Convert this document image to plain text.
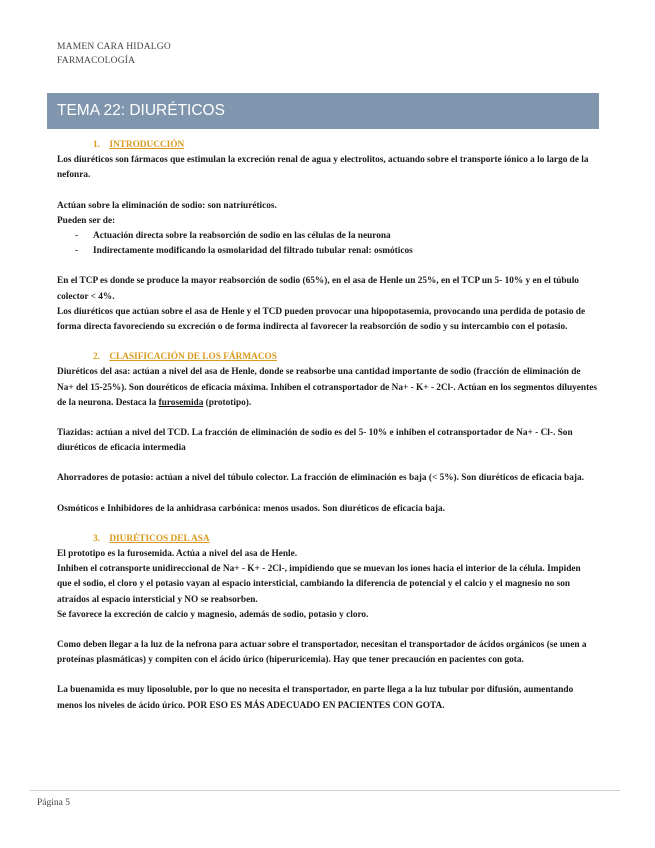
MAMEN CARA HIDALGO
FARMACOLOGÍA
TEMA 22: DIURÉTICOS

1. INTRODUCCIÓN

Los diuréticos son fármacos que estimulan la excreción renal de agua y electrolitos, actuando sobre el transporte iónico a lo largo de la nefonra.

Actúan sobre la eliminación de sodio: son natriuréticos.

Pueden ser de:

- Actuación directa sobre la reabsorción de sodio en las células de la neurona
- Indirectamente modificando la osmolaridad del filtrado tubular renal: osmóticos

En el TCP es donde se produce la mayor reabsorción de sodio (65%), en el asa de Henle un 25%, en el TCP un 5- 10% y en el túbulo colector < 4%.

Los diuréticos que actúan sobre el asa de Henle y el TCD pueden provocar una hipopotasemia, provocando una perdida de potasio de forma directa favoreciendo su excreción o de forma indirecta al favorecer la reabsorción de sodio y su intercambio con el potasio.

2. CLASIFICACIÓN DE LOS FÁRMACOS

Diuréticos del asa: actúan a nivel del asa de Henle, donde se reabsorbe una cantidad importante de sodio (fracción de eliminación de Na+ del 15-25%). Son douréticos de eficacia máxima. Inhiben el cotransportador de Na+ - K+ - 2Cl-. Actúan en los segmentos diluyentes de la neurona. Destaca la furosemida (prototipo).

Tiazidas: actúan a nivel del TCD. La fracción de eliminación de sodio es del 5- 10% e inhiben el cotransportador de Na+ - Cl-. Son diuréticos de eficacia intermedia

Ahorradores de potasio: actúan a nivel del túbulo colector. La fracción de eliminación es baja (< 5%). Son diuréticos de eficacia baja.

Osmóticos e Inhibidores de la anhidrasa carbónica: menos usados. Son diuréticos de eficacia baja.

3. DIURÉTICOS DEL ASA

El prototipo es la furosemida. Actúa a nivel del asa de Henle.

Inhiben el cotransporte unidireccional de Na+ - K+ - 2Cl-, impidiendo que se muevan los iones hacia el interior de la célula. Impiden que el sodio, el cloro y el potasio vayan al espacio intersticial, cambiando la diferencia de potencial y el calcio y el magnesio no son atraídos al espacio intersticial y NO se reabsorben.

Se favorece la excreción de calcio y magnesio, además de sodio, potasio y cloro.

Como deben llegar a la luz de la nefrona para actuar sobre el transportador, necesitan el transportador de ácidos orgánicos (se unen a proteínas plasmáticas) y compiten con el ácido úrico (hiperuricemia). Hay que tener precaución en pacientes con gota.

La buenamida es muy liposoluble, por lo que no necesita el transportador, en parte llega a la luz tubular por difusión, aumentando menos los niveles de ácido úrico. POR ESO ES MÁS ADECUADO EN PACIENTES CON GOTA.

Página 5
